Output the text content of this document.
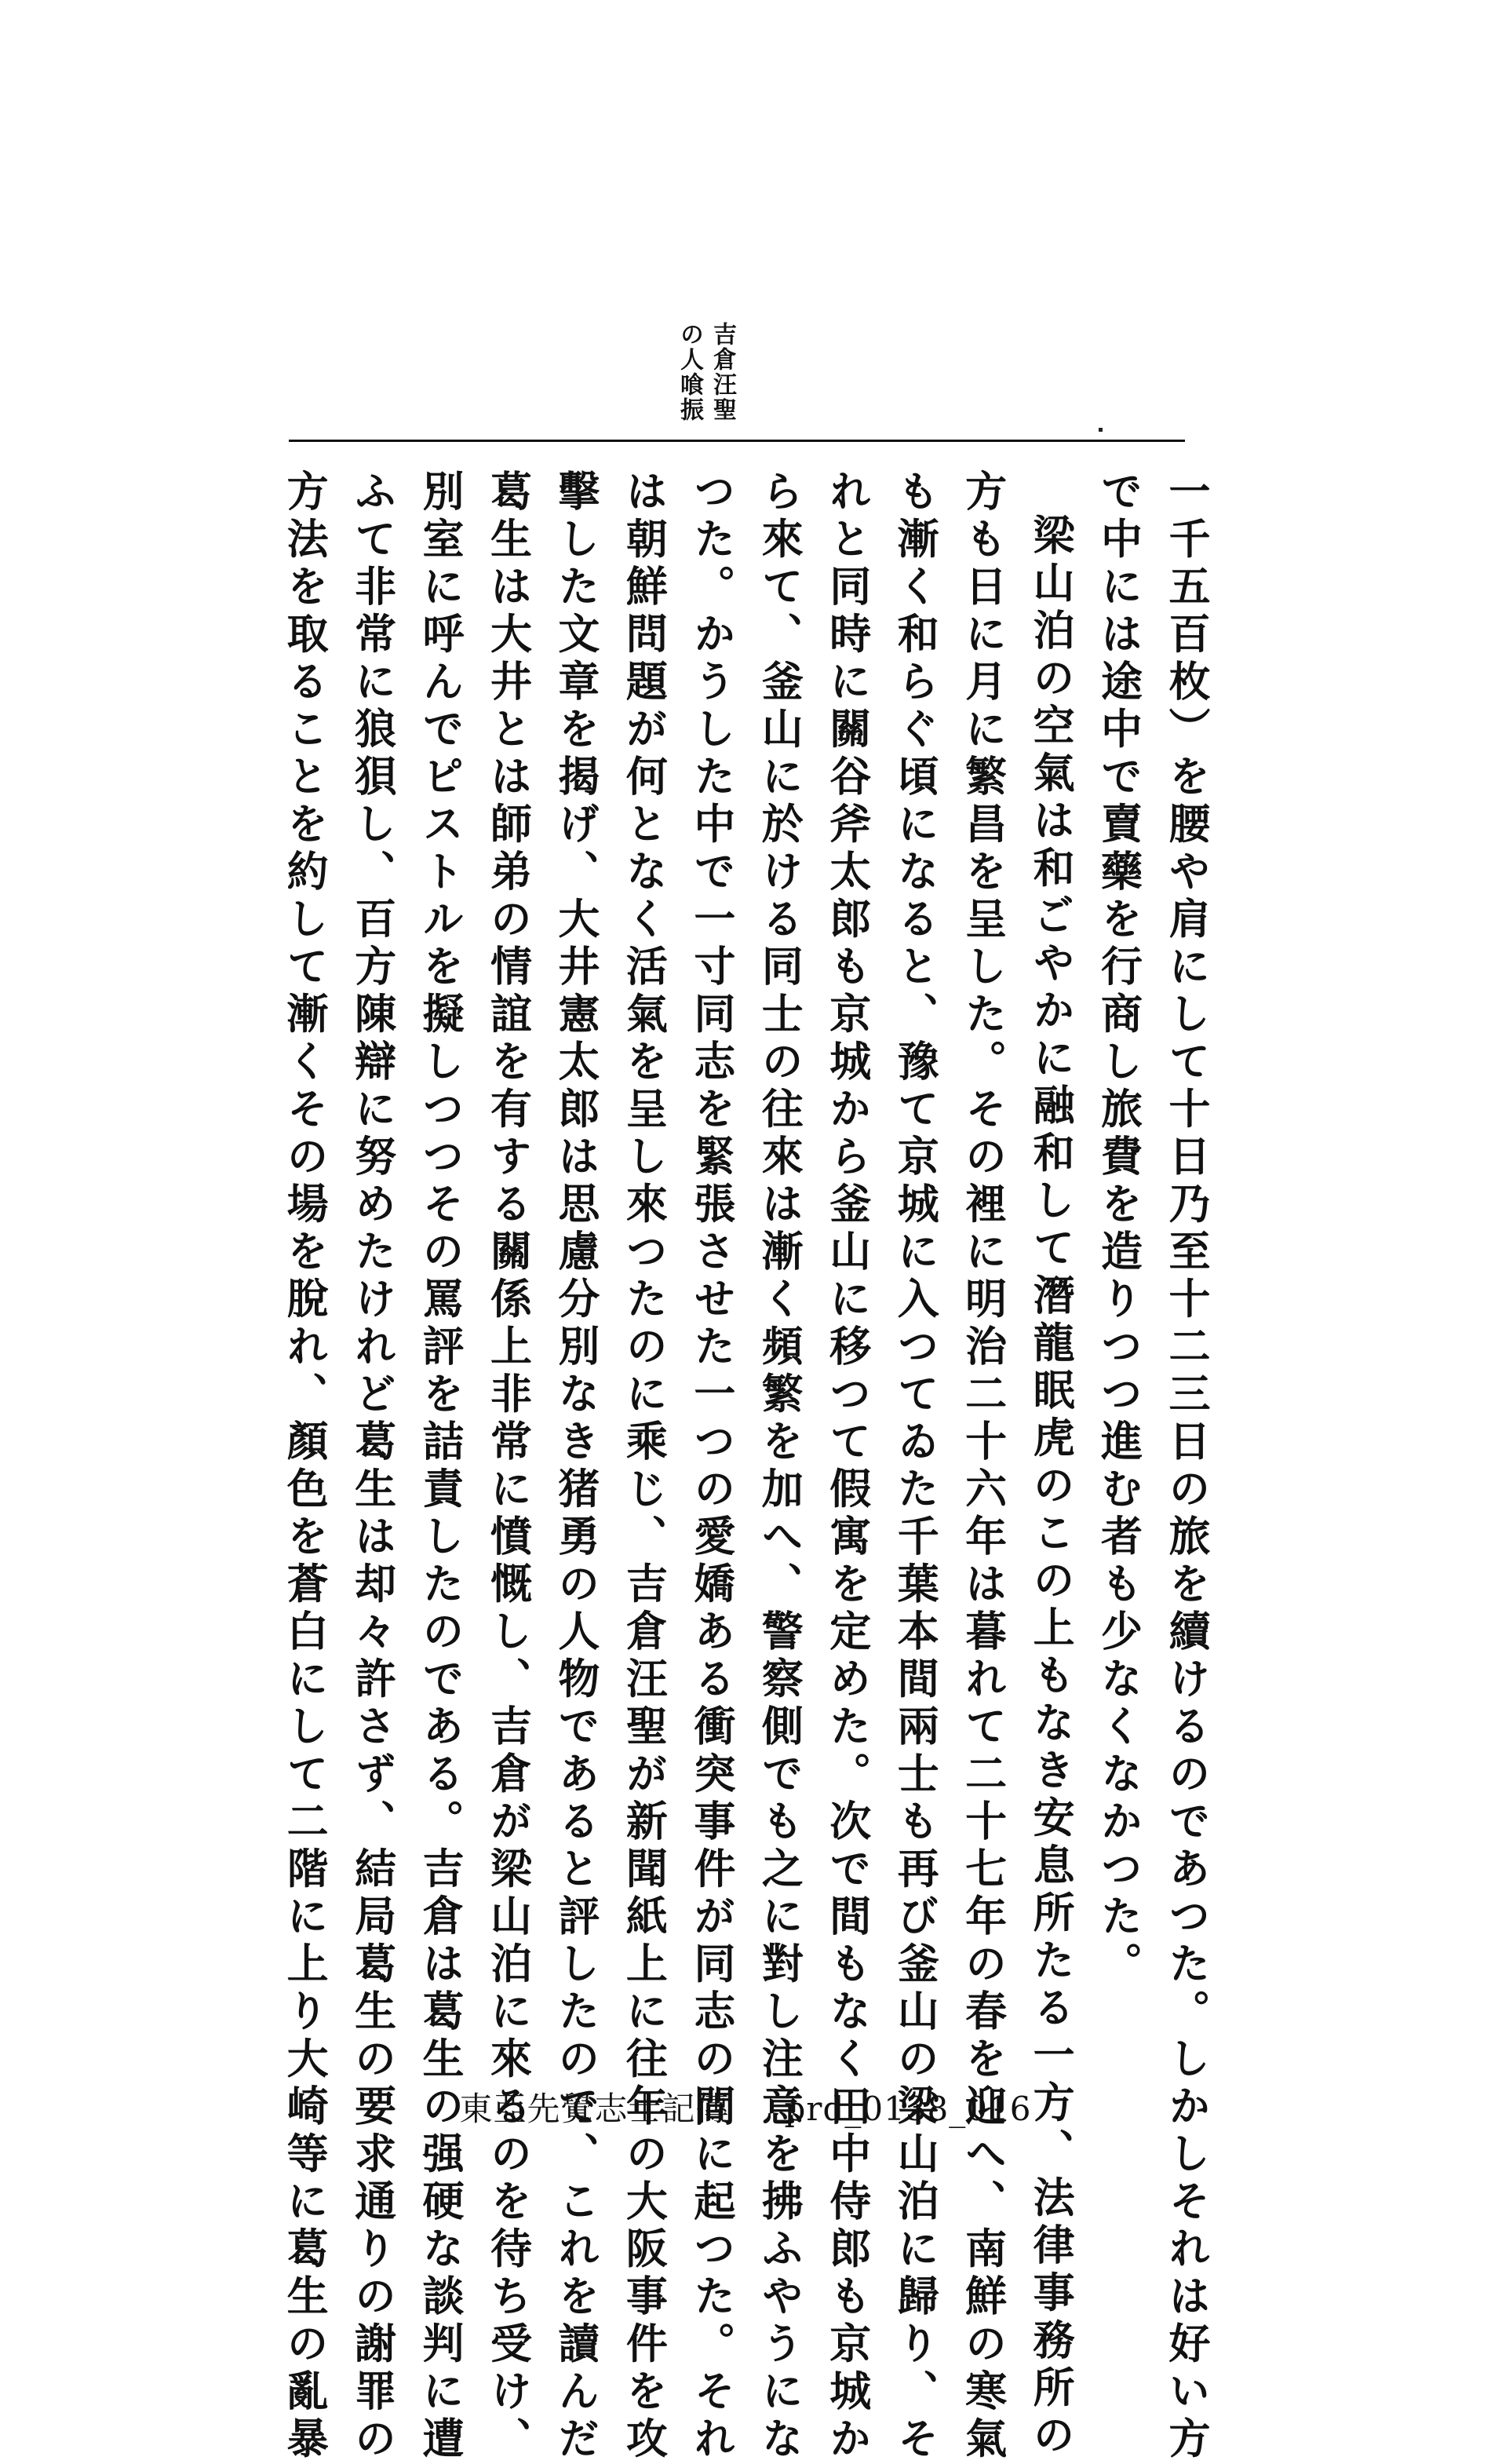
吉倉汪聖
の人喰振
一千五百枚）を腰や肩にして十日乃至十二三日の旅を續けるのであつた。しかしそれは好い方
で中には途中で賣藥を行商し旅費を造りつつ進む者も少なくなかつた。
梁山泊の空氣は和ごやかに融和して潛龍眠虎のこの上もなき安息所たる一方、法律事務所の
方も日に月に繁昌を呈した。その裡に明治二十六年は暮れて二十七年の春を迎へ、南鮮の寒氣
も漸く和らぐ頃になると、豫て京城に入つてゐた千葉本間兩士も再び釜山の梁山泊に歸り、そ
れと同時に關谷斧太郎も京城から釜山に移つて假寓を定めた。次で間もなく田中侍郎も京城か
ら來て、釜山に於ける同士の往來は漸く頻繁を加へ、警察側でも之に對し注意を拂ふやうにな
つた。かうした中で一寸同志を緊張させた一つの愛嬌ある衝突事件が同志の間に起つた。それ
は朝鮮問題が何となく活氣を呈し來つたのに乘じ、吉倉汪聖が新聞紙上に往年の大阪事件を攻
擊した文章を揭げ、大井憲太郎は思慮分別なき猪勇の人物であると評したので、これを讀んだ
葛生は大井とは師弟の情誼を有する關係上非常に憤慨し、吉倉が梁山泊に來るのを待ち受け、
別室に呼んでピストルを擬しつつその罵評を詰責したのである。吉倉は葛生の强硬な談判に遭
ふて非常に狼狽し、百方陳辯に努めたけれど葛生は却々許さず、結局葛生の要求通りの謝罪の
方法を取ることを約して漸くその場を脫れ、顏色を蒼白にして二階に上り大崎等に葛生の亂暴	東亞先覺志士記傳 prd_0138_016
